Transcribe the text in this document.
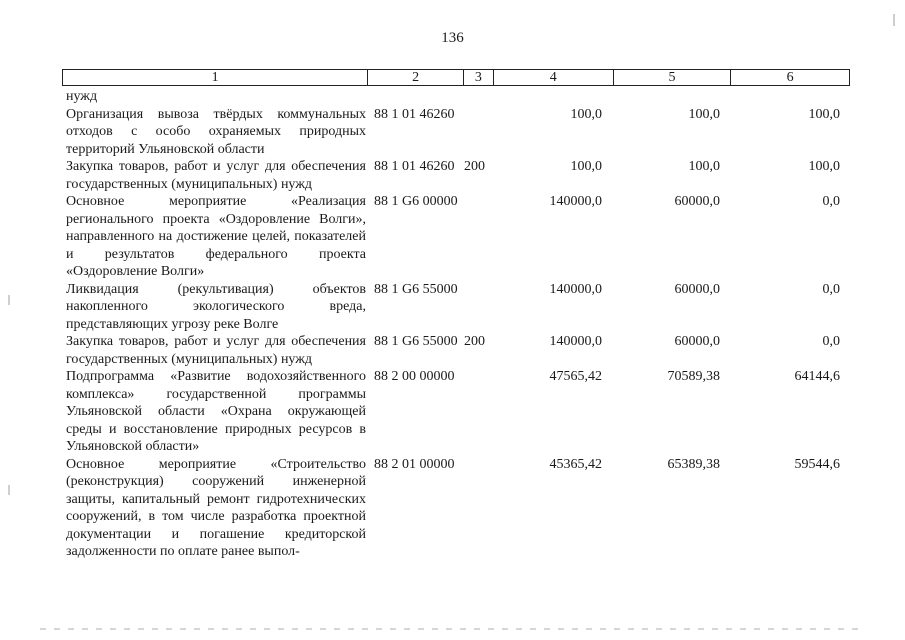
136
1	2	3	4	5	6
нужд
Организация вывоза твёрдых коммунальных отходов с особо охраняемых природных территорий Ульяновской области
88 1 01 46260	100,0	100,0	100,0
Закупка товаров, работ и услуг для обеспечения государственных (муниципальных) нужд
88 1 01 46260 200	100,0	100,0	100,0
Основное мероприятие «Реализация регионального проекта «Оздоровление Волги», направленного на достижение целей, показателей и результатов федерального проекта «Оздоровление Волги»
88 1 G6 00000	140000,0	60000,0	0,0
Ликвидация (рекультивация) объектов накопленного экологического вреда, представляющих угрозу реке Волге
88 1 G6 55000	140000,0	60000,0	0,0
Закупка товаров, работ и услуг для обеспечения государственных (муниципальных) нужд
88 1 G6 55000 200	140000,0	60000,0	0,0
Подпрограмма «Развитие водохозяйственного комплекса» государственной программы Ульяновской области «Охрана окружающей среды и восстановление природных ресурсов в Ульяновской области»
88 2 00 00000	47565,42	70589,38	64144,6
Основное мероприятие «Строительство (реконструкция) сооружений инженерной защиты, капитальный ремонт гидротехнических сооружений, в том числе разработка проектной документации и погашение кредиторской задолженности по оплате ранее выпол-
88 2 01 00000	45365,42	65389,38	59544,6
